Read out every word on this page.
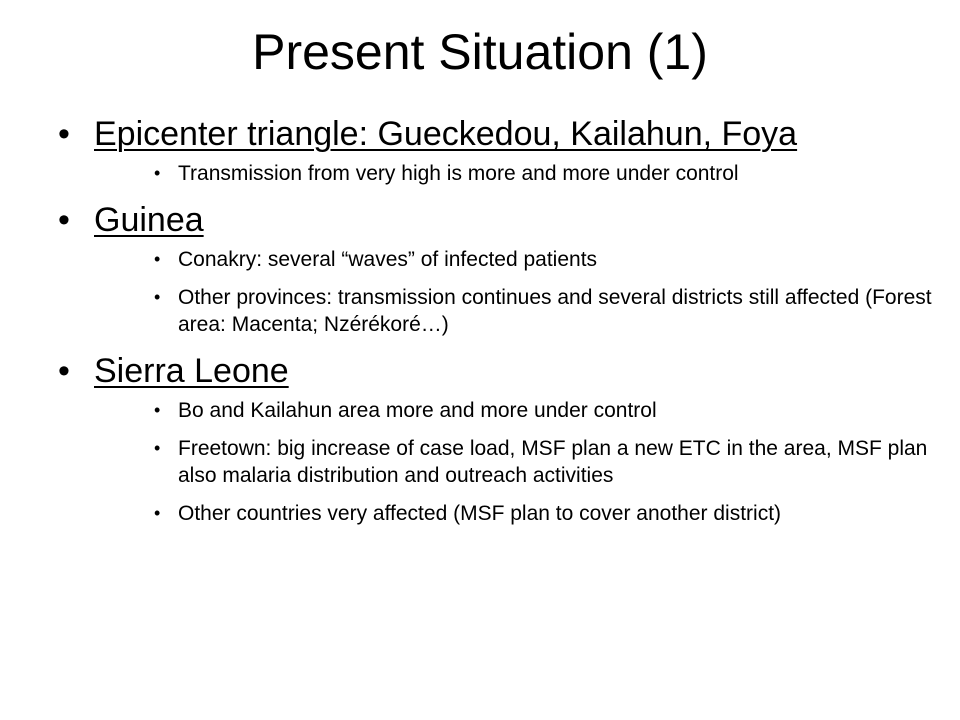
Present Situation (1)
• Epicenter triangle: Gueckedou, Kailahun, Foya
• Transmission from very high is more and more under control
• Guinea
• Conakry: several “waves” of infected patients
• Other provinces: transmission continues and several districts still affected (Forest area: Macenta; Nzérékoré…)
• Sierra Leone
• Bo and Kailahun area more and more under control
• Freetown: big increase of case load, MSF plan a new ETC in the area, MSF plan also malaria distribution and outreach activities
• Other countries very affected (MSF plan to cover another district)
